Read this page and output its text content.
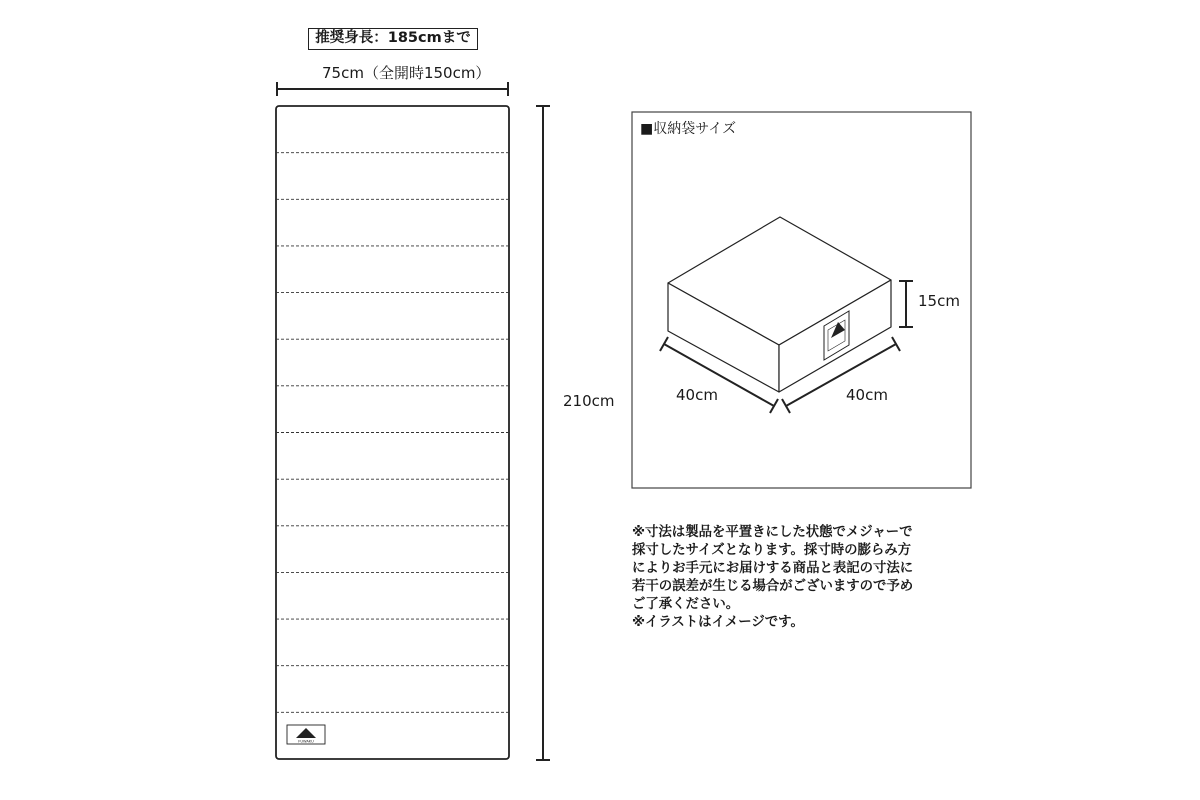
推奨身長：185cmまで
75cm（全開時150cm）
210cm
FUWAKU
■収納袋サイズ
15cm
40cm	40cm
※寸法は製品を平置きにした状態でメジャーで
採寸したサイズとなります。採寸時の膨らみ方
によりお手元にお届けする商品と表記の寸法に
若干の誤差が生じる場合がございますので予め
ご了承ください。
※イラストはイメージです。
